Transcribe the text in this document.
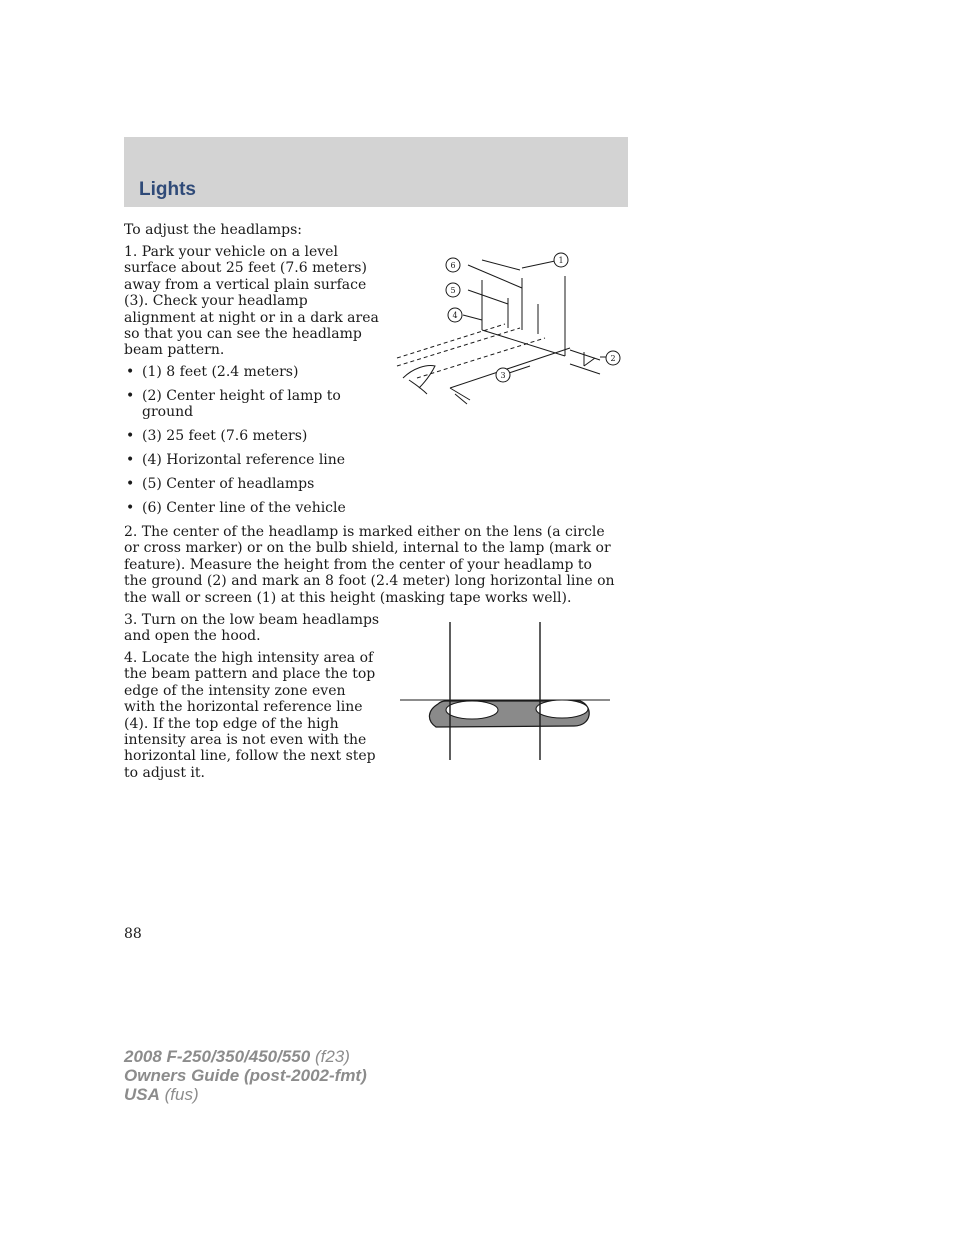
Lights

To adjust the headlamps:

1. Park your vehicle on a level surface about 25 feet (7.6 meters) away from a vertical plain surface (3). Check your headlamp alignment at night or in a dark area so that you can see the headlamp beam pattern.

• (1) 8 feet (2.4 meters)
• (2) Center height of lamp to ground
• (3) 25 feet (7.6 meters)
• (4) Horizontal reference line
• (5) Center of headlamps
• (6) Center line of the vehicle
1
2
3
4
5
6

2. The center of the headlamp is marked either on the lens (a circle or cross marker) or on the bulb shield, internal to the lamp (mark or feature). Measure the height from the center of your headlamp to the ground (2) and mark an 8 foot (2.4 meter) long horizontal line on the wall or screen (1) at this height (masking tape works well).

3. Turn on the low beam headlamps and open the hood.

4. Locate the high intensity area of the beam pattern and place the top edge of the intensity zone even with the horizontal reference line (4). If the top edge of the high intensity area is not even with the horizontal line, follow the next step to adjust it.

88
2008 F-250/350/450/550 (f23)
Owners Guide (post-2002-fmt)
USA (fus)
